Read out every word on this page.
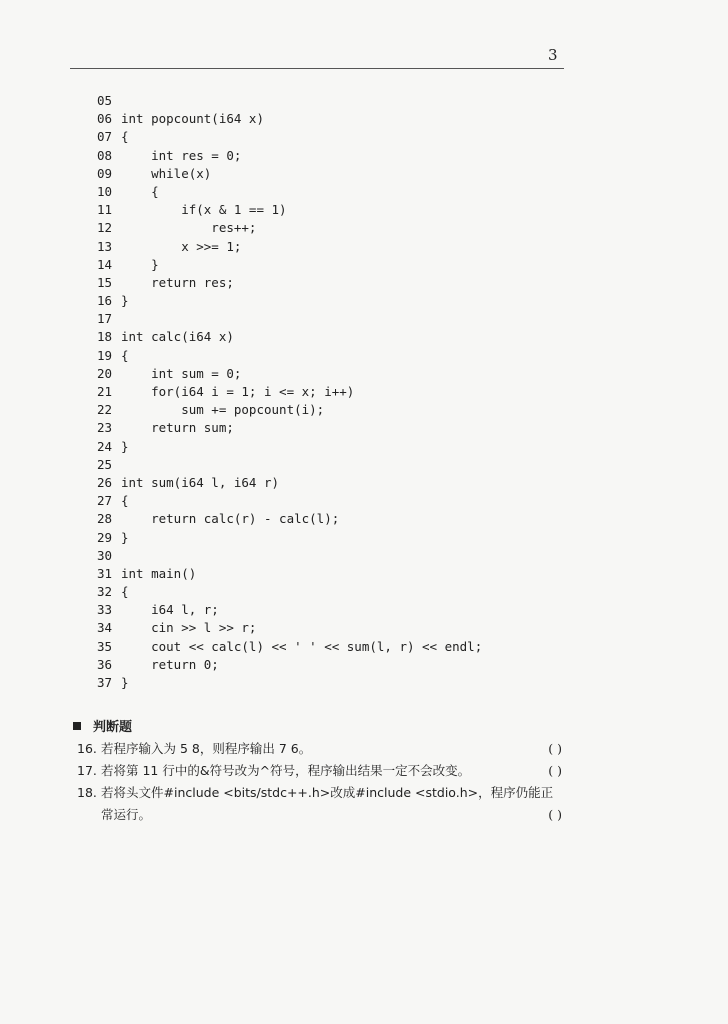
3
05
06 int popcount(i64 x)
07 {
08    int res = 0;
09    while(x)
10    {
11        if(x & 1 == 1)
12            res++;
13        x >>= 1;
14    }
15    return res;
16 }
17
18 int calc(i64 x)
19 {
20    int sum = 0;
21    for(i64 i = 1; i <= x; i++)
22        sum += popcount(i);
23    return sum;
24 }
25
26 int sum(i64 l, i64 r)
27 {
28    return calc(r) - calc(l);
29 }
30
31 int main()
32 {
33    i64 l, r;
34    cin >> l >> r;
35    cout << calc(l) << ' ' << sum(l, r) << endl;
36    return 0;
37 }
判断题
16. 若程序输入为 5 8，则程序输出 7 6。	( )
17. 若将第 11 行中的&符号改为^符号，程序输出结果一定不会改变。	( )
18. 若将头文件#include <bits/stdc++.h>改成#include <stdio.h>，程序仍能正
常运行。	( )
